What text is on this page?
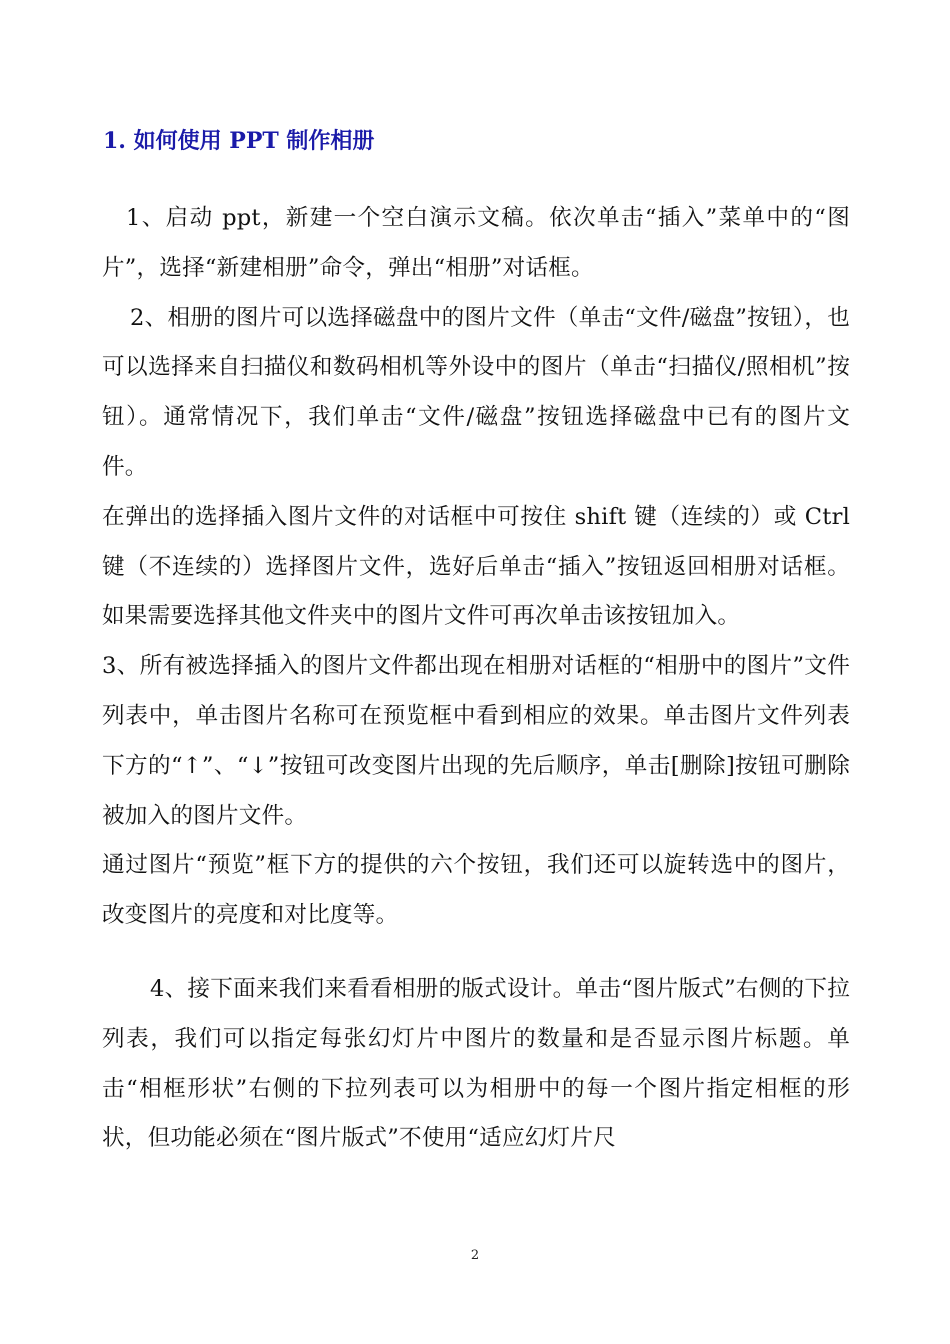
1. 如何使用 PPT 制作相册

1、启动 ppt，新建一个空白演示文稿。依次单击“插入”菜单中的“图片”，选择“新建相册”命令，弹出“相册”对话框。

2、相册的图片可以选择磁盘中的图片文件（单击“文件/磁盘”按钮），也可以选择来自扫描仪和数码相机等外设中的图片（单击“扫描仪/照相机”按钮）。通常情况下，我们单击“文件/磁盘”按钮选择磁盘中已有的图片文件。

在弹出的选择插入图片文件的对话框中可按住 shift 键（连续的）或 Ctrl 键（不连续的）选择图片文件，选好后单击“插入”按钮返回相册对话框。如果需要选择其他文件夹中的图片文件可再次单击该按钮加入。

3、所有被选择插入的图片文件都出现在相册对话框的“相册中的图片”文件列表中，单击图片名称可在预览框中看到相应的效果。单击图片文件列表下方的“↑”、“↓”按钮可改变图片出现的先后顺序，单击[删除]按钮可删除被加入的图片文件。

通过图片“预览”框下方的提供的六个按钮，我们还可以旋转选中的图片，改变图片的亮度和对比度等。

4、接下面来我们来看看相册的版式设计。单击“图片版式”右侧的下拉列表，我们可以指定每张幻灯片中图片的数量和是否显示图片标题。单击“相框形状”右侧的下拉列表可以为相册中的每一个图片指定相框的形状，但功能必须在“图片版式”不使用“适应幻灯片尺

2
